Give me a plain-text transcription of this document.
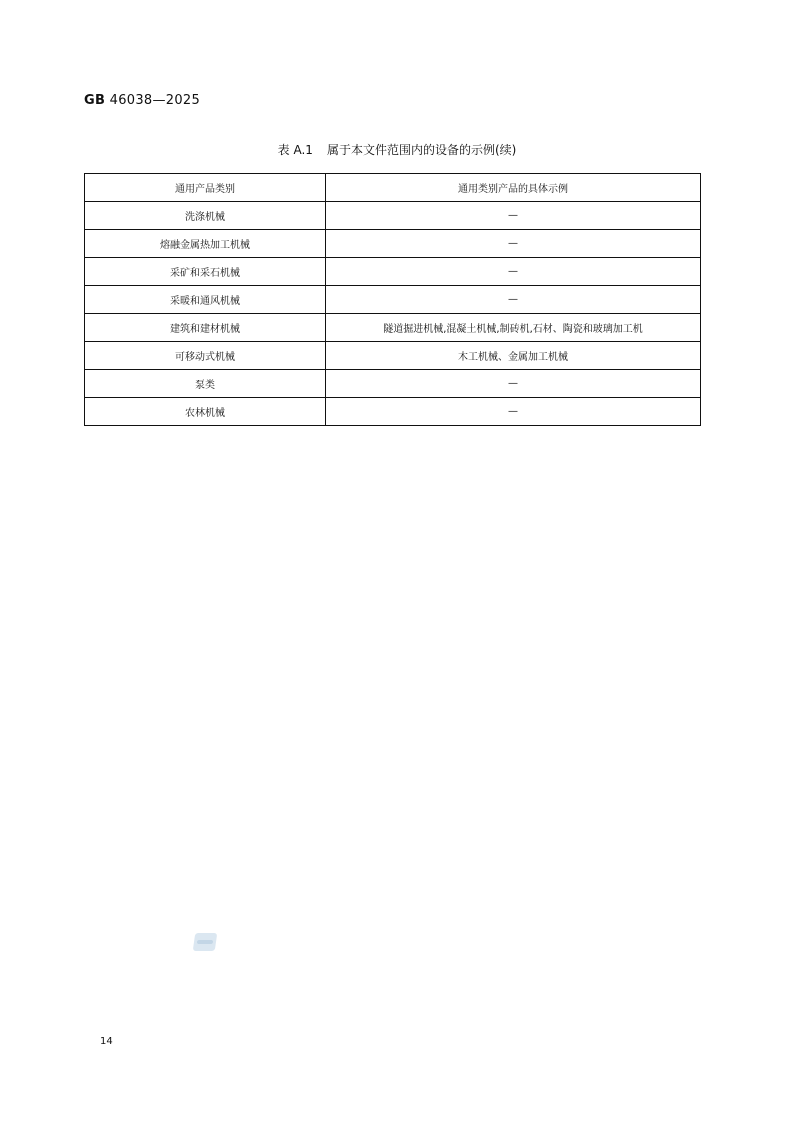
GB 46038—2025
表 A.1 属于本文件范围内的设备的示例(续)
通用产品类别	通用类别产品的具体示例
洗涤机械	—
熔融金属热加工机械	—
采矿和采石机械	—
采暖和通风机械	—
建筑和建材机械	隧道掘进机械,混凝土机械,制砖机,石材、陶瓷和玻璃加工机
可移动式机械	木工机械、金属加工机械
泵类	—
农林机械	—
14
